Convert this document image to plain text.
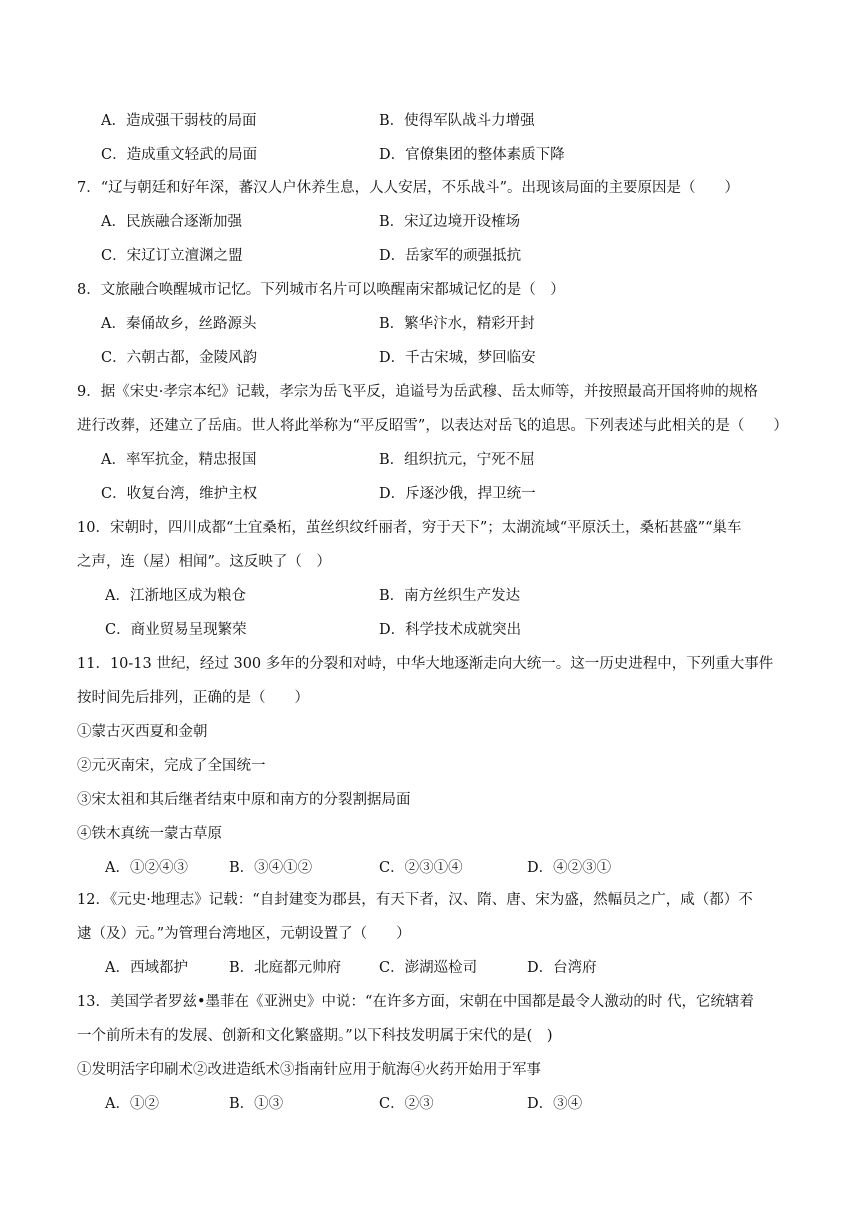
A．造成强干弱枝的局面	B．使得军队战斗力增强
C．造成重文轻武的局面	D．官僚集团的整体素质下降
7．“辽与朝廷和好年深，蕃汉人户休养生息，人人安居，不乐战斗”。出现该局面的主要原因是（　　）
A．民族融合逐渐加强	B．宋辽边境开设榷场
C．宋辽订立澶渊之盟	D．岳家军的顽强抵抗
8．文旅融合唤醒城市记忆。下列城市名片可以唤醒南宋都城记忆的是（　）
A．秦俑故乡，丝路源头	B．繁华汴水，精彩开封
C．六朝古都，金陵风韵	D．千古宋城，梦回临安
9．据《宋史·孝宗本纪》记载，孝宗为岳飞平反，追谥号为岳武穆、岳太师等，并按照最高开国将帅的规格
进行改葬，还建立了岳庙。世人将此举称为“平反昭雪”，以表达对岳飞的追思。下列表述与此相关的是（　　）
A．率军抗金，精忠报国	B．组织抗元，宁死不屈
C．收复台湾，维护主权	D．斥逐沙俄，捍卫统一
10．宋朝时，四川成都“土宜桑柘，茧丝织纹纤丽者，穷于天下”；太湖流域“平原沃土，桑柘甚盛”“巢车
之声，连（屋）相闻”。这反映了（　）
A．江浙地区成为粮仓	B．南方丝织生产发达
C．商业贸易呈现繁荣	D．科学技术成就突出
11．10-13 世纪，经过 300 多年的分裂和对峙，中华大地逐渐走向大统一。这一历史进程中，下列重大事件
按时间先后排列，正确的是（　　）
①蒙古灭西夏和金朝
②元灭南宋，完成了全国统一
③宋太祖和其后继者结束中原和南方的分裂割据局面
④铁木真统一蒙古草原
A．①②④③	B．③④①②	C．②③①④	D．④②③①
12．《元史·地理志》记载：“自封建变为郡县，有天下者，汉、隋、唐、宋为盛，然幅员之广，咸（都）不
逮（及）元。”为管理台湾地区，元朝设置了（　　）
A．西域都护	B．北庭都元帅府	C．澎湖巡检司	D．台湾府
13．美国学者罗兹•墨菲在《亚洲史》中说：“在许多方面，宋朝在中国都是最令人激动的时 代，它统辖着
一个前所未有的发展、创新和文化繁盛期。”以下科技发明属于宋代的是(　)
①发明活字印刷术②改进造纸术③指南针应用于航海④火药开始用于军事
A．①②	B．①③	C．②③	D．③④
